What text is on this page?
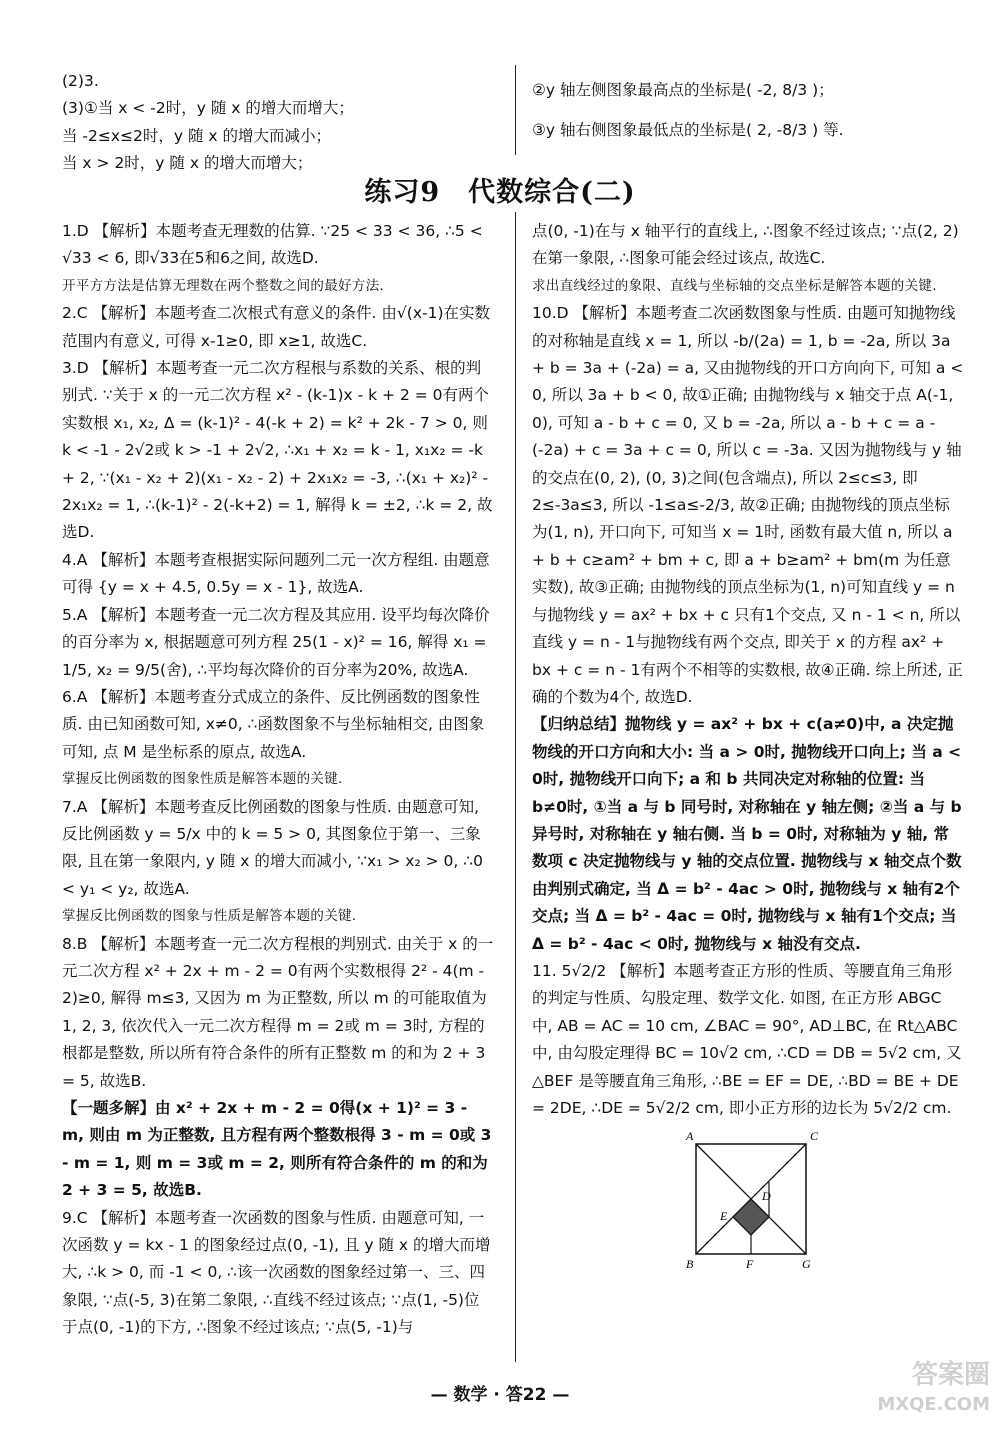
(2)3.

(3)①当 x < -2时，y 随 x 的增大而增大；

当 -2≤x≤2时，y 随 x 的增大而减小；

当 x > 2时，y 随 x 的增大而增大；

②y 轴左侧图象最高点的坐标是( -2, 8/3 )；

③y 轴右侧图象最低点的坐标是( 2, -8/3 ) 等.

练习9　代数综合(二)

1.D 【解析】本题考查无理数的估算. ∵25 < 33 < 36, ∴5 < √33 < 6, 即√33在5和6之间, 故选D.

开平方方法是估算无理数在两个整数之间的最好方法.

2.C 【解析】本题考查二次根式有意义的条件. 由√(x-1)在实数范围内有意义, 可得 x-1≥0, 即 x≥1, 故选C.

3.D 【解析】本题考查一元二次方程根与系数的关系、根的判别式. ∵关于 x 的一元二次方程 x² - (k-1)x - k + 2 = 0有两个实数根 x₁, x₂, Δ = (k-1)² - 4(-k + 2) = k² + 2k - 7 > 0, 则 k < -1 - 2√2或 k > -1 + 2√2, ∴x₁ + x₂ = k - 1, x₁x₂ = -k + 2, ∵(x₁ - x₂ + 2)(x₁ - x₂ - 2) + 2x₁x₂ = -3, ∴(x₁ + x₂)² - 2x₁x₂ = 1, ∴(k-1)² - 2(-k+2) = 1, 解得 k = ±2, ∴k = 2, 故选D.

4.A 【解析】本题考查根据实际问题列二元一次方程组. 由题意可得 {y = x + 4.5, 0.5y = x - 1}, 故选A.

5.A 【解析】本题考查一元二次方程及其应用. 设平均每次降价的百分率为 x, 根据题意可列方程 25(1 - x)² = 16, 解得 x₁ = 1/5, x₂ = 9/5(舍), ∴平均每次降价的百分率为20%, 故选A.

6.A 【解析】本题考查分式成立的条件、反比例函数的图象性质. 由已知函数可知, x≠0, ∴函数图象不与坐标轴相交, 由图象可知, 点 M 是坐标系的原点, 故选A.

掌握反比例函数的图象性质是解答本题的关键.

7.A 【解析】本题考查反比例函数的图象与性质. 由题意可知, 反比例函数 y = 5/x 中的 k = 5 > 0, 其图象位于第一、三象限, 且在第一象限内, y 随 x 的增大而减小, ∵x₁ > x₂ > 0, ∴0 < y₁ < y₂, 故选A.

掌握反比例函数的图象与性质是解答本题的关键.

8.B 【解析】本题考查一元二次方程根的判别式. 由关于 x 的一元二次方程 x² + 2x + m - 2 = 0有两个实数根得 2² - 4(m - 2)≥0, 解得 m≤3, 又因为 m 为正整数, 所以 m 的可能取值为1, 2, 3, 依次代入一元二次方程得 m = 2或 m = 3时, 方程的根都是整数, 所以所有符合条件的所有正整数 m 的和为 2 + 3 = 5, 故选B.

【一题多解】由 x² + 2x + m - 2 = 0得(x + 1)² = 3 - m, 则由 m 为正整数, 且方程有两个整数根得 3 - m = 0或 3 - m = 1, 则 m = 3或 m = 2, 则所有符合条件的 m 的和为 2 + 3 = 5, 故选B.

9.C 【解析】本题考查一次函数的图象与性质. 由题意可知, 一次函数 y = kx - 1 的图象经过点(0, -1), 且 y 随 x 的增大而增大, ∴k > 0, 而 -1 < 0, ∴该一次函数的图象经过第一、三、四象限, ∵点(-5, 3)在第二象限, ∴直线不经过该点; ∵点(1, -5)位于点(0, -1)的下方, ∴图象不经过该点; ∵点(5, -1)与

点(0, -1)在与 x 轴平行的直线上, ∴图象不经过该点; ∵点(2, 2)在第一象限, ∴图象可能会经过该点, 故选C.

求出直线经过的象限、直线与坐标轴的交点坐标是解答本题的关键.

10.D 【解析】本题考查二次函数图象与性质. 由题可知抛物线的对称轴是直线 x = 1, 所以 -b/(2a) = 1, b = -2a, 所以 3a + b = 3a + (-2a) = a, 又由抛物线的开口方向向下, 可知 a < 0, 所以 3a + b < 0, 故①正确; 由抛物线与 x 轴交于点 A(-1, 0), 可知 a - b + c = 0, 又 b = -2a, 所以 a - b + c = a - (-2a) + c = 3a + c = 0, 所以 c = -3a. 又因为抛物线与 y 轴的交点在(0, 2), (0, 3)之间(包含端点), 所以 2≤c≤3, 即 2≤-3a≤3, 所以 -1≤a≤-2/3, 故②正确; 由抛物线的顶点坐标为(1, n), 开口向下, 可知当 x = 1时, 函数有最大值 n, 所以 a + b + c≥am² + bm + c, 即 a + b≥am² + bm(m 为任意实数), 故③正确; 由抛物线的顶点坐标为(1, n)可知直线 y = n 与抛物线 y = ax² + bx + c 只有1个交点, 又 n - 1 < n, 所以直线 y = n - 1与抛物线有两个交点, 即关于 x 的方程 ax² + bx + c = n - 1有两个不相等的实数根, 故④正确. 综上所述, 正确的个数为4个, 故选D.

【归纳总结】抛物线 y = ax² + bx + c(a≠0)中, a 决定抛物线的开口方向和大小: 当 a > 0时, 抛物线开口向上; 当 a < 0时, 抛物线开口向下; a 和 b 共同决定对称轴的位置: 当 b≠0时, ①当 a 与 b 同号时, 对称轴在 y 轴左侧; ②当 a 与 b 异号时, 对称轴在 y 轴右侧. 当 b = 0时, 对称轴为 y 轴, 常数项 c 决定抛物线与 y 轴的交点位置. 抛物线与 x 轴交点个数由判别式确定, 当 Δ = b² - 4ac > 0时, 抛物线与 x 轴有2个交点; 当 Δ = b² - 4ac = 0时, 抛物线与 x 轴有1个交点; 当 Δ = b² - 4ac < 0时, 抛物线与 x 轴没有交点.

11. 5√2/2 【解析】本题考查正方形的性质、等腰直角三角形的判定与性质、勾股定理、数学文化. 如图, 在正方形 ABGC 中, AB = AC = 10 cm, ∠BAC = 90°, AD⊥BC, 在 Rt△ABC 中, 由勾股定理得 BC = 10√2 cm, ∴CD = DB = 5√2 cm, 又△BEF 是等腰直角三角形, ∴BE = EF = DE, ∴BD = BE + DE = 2DE, ∴DE = 5√2/2 cm, 即小正方形的边长为 5√2/2 cm.

A	C
D
E
B	F	G
— 数学 · 答22 —
答案圈
MXQE.COM
